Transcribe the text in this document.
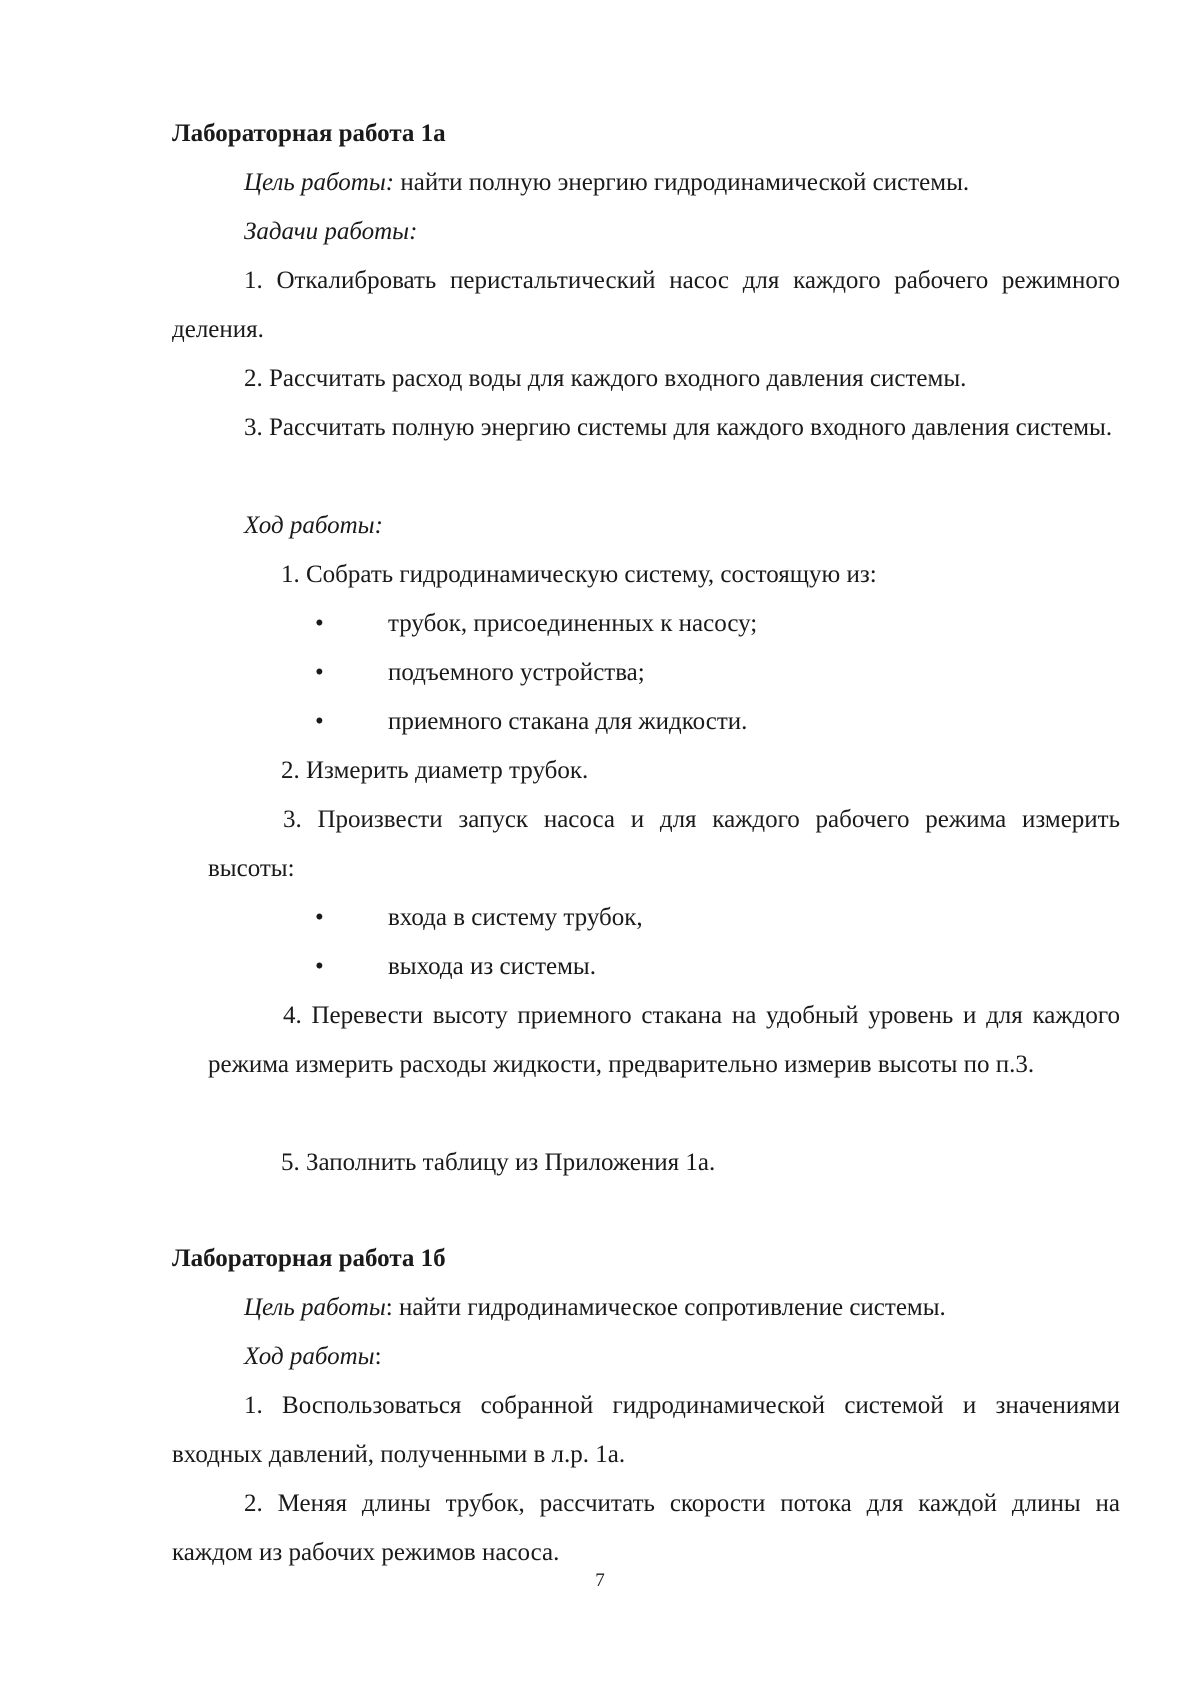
Лабораторная работа 1а

Цель работы: найти полную энергию гидродинамической системы.

Задачи работы:

1. Откалибровать перистальтический насос для каждого рабочего режимного деления.

2. Рассчитать расход воды для каждого входного давления системы.

3. Рассчитать полную энергию системы для каждого входного давления системы.

Ход работы:

1. Собрать гидродинамическую систему, состоящую из:

•	трубок, присоединенных к насосу;
•	подъемного устройства;
•	приемного стакана для жидкости.

2. Измерить диаметр трубок.

3. Произвести запуск насоса и для каждого рабочего режима измерить высоты:

•	входа в систему трубок,
•	выхода из системы.

4. Перевести высоту приемного стакана на удобный уровень и для каждого режима измерить расходы жидкости, предварительно измерив высоты по п.3.

5. Заполнить таблицу из Приложения 1а.

Лабораторная работа 1б

Цель работы: найти гидродинамическое сопротивление системы.

Ход работы:

1. Воспользоваться собранной гидродинамической системой и значениями входных давлений, полученными в л.р. 1а.

2. Меняя длины трубок, рассчитать скорости потока для каждой длины на каждом из рабочих режимов насоса.

7
